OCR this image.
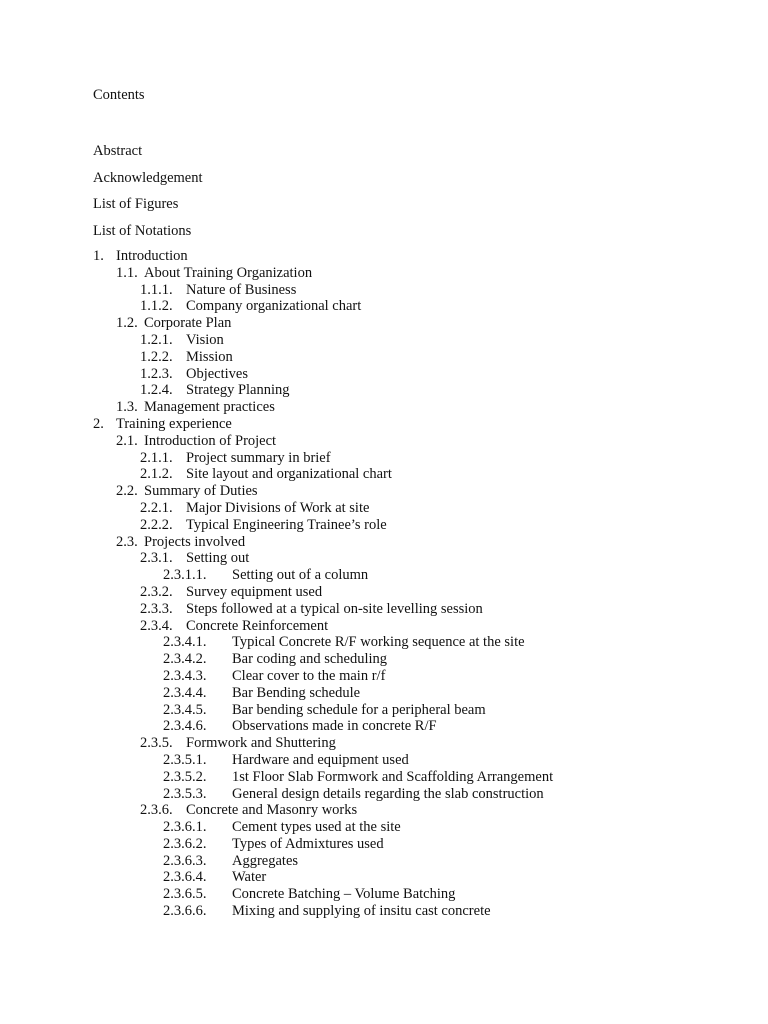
Contents
Abstract
Acknowledgement
List of Figures
List of Notations
1. Introduction
1.1. About Training Organization
1.1.1. Nature of Business
1.1.2. Company organizational chart
1.2. Corporate Plan
1.2.1. Vision
1.2.2. Mission
1.2.3. Objectives
1.2.4. Strategy Planning
1.3. Management practices
2. Training experience
2.1. Introduction of Project
2.1.1. Project summary in brief
2.1.2. Site layout and organizational chart
2.2. Summary of Duties
2.2.1. Major Divisions of Work at site
2.2.2. Typical Engineering Trainee’s role
2.3. Projects involved
2.3.1. Setting out
2.3.1.1. Setting out of a column
2.3.2. Survey equipment used
2.3.3. Steps followed at a typical on-site levelling session
2.3.4. Concrete Reinforcement
2.3.4.1. Typical Concrete R/F working sequence at the site
2.3.4.2. Bar coding and scheduling
2.3.4.3. Clear cover to the main r/f
2.3.4.4. Bar Bending schedule
2.3.4.5. Bar bending schedule for a peripheral beam
2.3.4.6. Observations made in concrete R/F
2.3.5. Formwork and Shuttering
2.3.5.1. Hardware and equipment used
2.3.5.2. 1st Floor Slab Formwork and Scaffolding Arrangement
2.3.5.3. General design details regarding the slab construction
2.3.6. Concrete and Masonry works
2.3.6.1. Cement types used at the site
2.3.6.2. Types of Admixtures used
2.3.6.3. Aggregates
2.3.6.4. Water
2.3.6.5. Concrete Batching – Volume Batching
2.3.6.6. Mixing and supplying of insitu cast concrete
